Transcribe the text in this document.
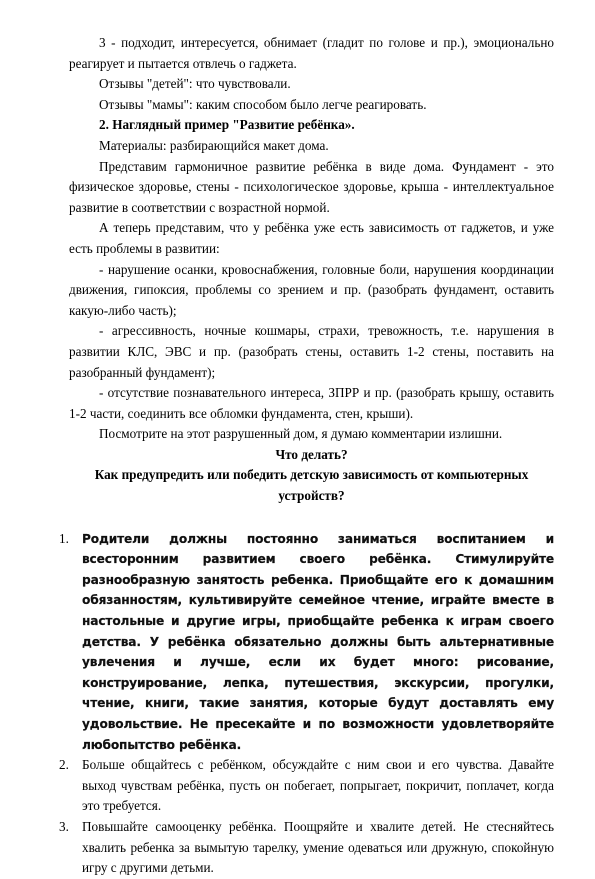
3 - подходит, интересуется, обнимает (гладит по голове и пр.), эмоционально реагирует и пытается отвлечь о гаджета.

Отзывы "детей": что чувствовали.

Отзывы "мамы": каким способом было легче реагировать.

2. Наглядный пример "Развитие ребёнка».

Материалы: разбирающийся макет дома.

Представим гармоничное развитие ребёнка в виде дома. Фундамент - это физическое здоровье, стены - психологическое здоровье, крыша - интеллектуальное развитие в соответствии с возрастной нормой.

А теперь представим, что у ребёнка уже есть зависимость от гаджетов, и уже есть проблемы в развитии:

- нарушение осанки, кровоснабжения, головные боли, нарушения координации движения, гипоксия, проблемы со зрением и пр. (разобрать фундамент, оставить какую-либо часть);

- агрессивность, ночные кошмары, страхи, тревожность, т.е. нарушения в развитии КЛС, ЭВС и пр. (разобрать стены, оставить 1-2 стены, поставить на разобранный фундамент);

- отсутствие познавательного интереса, ЗПРР и пр. (разобрать крышу, оставить 1-2 части, соединить все обломки фундамента, стен, крыши).

Посмотрите на этот разрушенный дом, я думаю комментарии излишни.

Что делать?

Как предупредить или победить детскую зависимость от компьютерных устройств?

1. Родители должны постоянно заниматься воспитанием и всесторонним развитием своего ребёнка. Стимулируйте разнообразную занятость ребенка. Приобщайте его к домашним обязанностям, культивируйте семейное чтение, играйте вместе в настольные и другие игры, приобщайте ребенка к играм своего детства. У ребёнка обязательно должны быть альтернативные увлечения и лучше, если их будет много: рисование, конструирование, лепка, путешествия, экскурсии, прогулки, чтение, книги, такие занятия, которые будут доставлять ему удовольствие. Не пресекайте и по возможности удовлетворяйте любопытство ребёнка.
2. Больше общайтесь с ребёнком, обсуждайте с ним свои и его чувства. Давайте выход чувствам ребёнка, пусть он побегает, попрыгает, покричит, поплачет, когда это требуется.
3. Повышайте самооценку ребёнка. Поощряйте и хвалите детей. Не стесняйтесь хвалить ребенка за вымытую тарелку, умение одеваться или дружную, спокойную игру с другими детьми.
